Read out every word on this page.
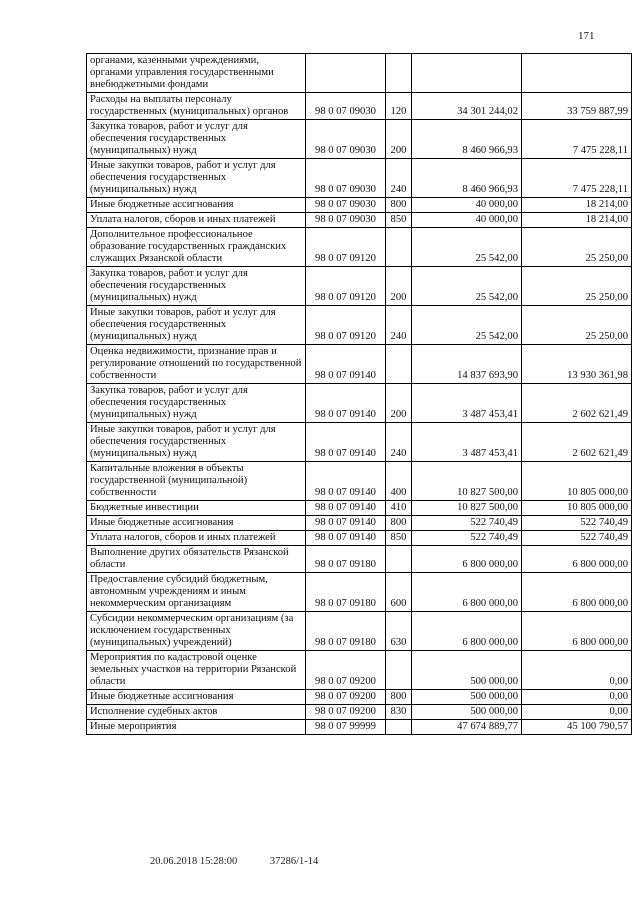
171
органами, казенными учреждениями, органами управления государственными внебюджетными фондами				
Расходы на выплаты персоналу государственных (муниципальных) органов	98 0 07 09030	120	34 301 244,02	33 759 887,99
Закупка товаров, работ и услуг для обеспечения государственных (муниципальных) нужд	98 0 07 09030	200	8 460 966,93	7 475 228,11
Иные закупки товаров, работ и услуг для обеспечения государственных (муниципальных) нужд	98 0 07 09030	240	8 460 966,93	7 475 228,11
Иные бюджетные ассигнования	98 0 07 09030	800	40 000,00	18 214,00
Уплата налогов, сборов и иных платежей	98 0 07 09030	850	40 000,00	18 214,00
Дополнительное профессиональное образование государственных гражданских служащих Рязанской области	98 0 07 09120		25 542,00	25 250,00
Закупка товаров, работ и услуг для обеспечения государственных (муниципальных) нужд	98 0 07 09120	200	25 542,00	25 250,00
Иные закупки товаров, работ и услуг для обеспечения государственных (муниципальных) нужд	98 0 07 09120	240	25 542,00	25 250,00
Оценка недвижимости, признание прав и регулирование отношений по государственной собственности	98 0 07 09140		14 837 693,90	13 930 361,98
Закупка товаров, работ и услуг для обеспечения государственных (муниципальных) нужд	98 0 07 09140	200	3 487 453,41	2 602 621,49
Иные закупки товаров, работ и услуг для обеспечения государственных (муниципальных) нужд	98 0 07 09140	240	3 487 453,41	2 602 621,49
Капитальные вложения в объекты государственной (муниципальной) собственности	98 0 07 09140	400	10 827 500,00	10 805 000,00
Бюджетные инвестиции	98 0 07 09140	410	10 827 500,00	10 805 000,00
Иные бюджетные ассигнования	98 0 07 09140	800	522 740,49	522 740,49
Уплата налогов, сборов и иных платежей	98 0 07 09140	850	522 740,49	522 740,49
Выполнение других обязательств Рязанской области	98 0 07 09180		6 800 000,00	6 800 000,00
Предоставление субсидий бюджетным, автономным учреждениям и иным некоммерческим организациям	98 0 07 09180	600	6 800 000,00	6 800 000,00
Субсидии некоммерческим организациям (за исключением государственных (муниципальных) учреждений)	98 0 07 09180	630	6 800 000,00	6 800 000,00
Мероприятия по кадастровой оценке земельных участков на территории Рязанской области	98 0 07 09200		500 000,00	0,00
Иные бюджетные ассигнования	98 0 07 09200	800	500 000,00	0,00
Исполнение судебных актов	98 0 07 09200	830	500 000,00	0,00
Иные мероприятия	98 0 07 99999		47 674 889,77	45 100 790,57
20.06.2018 15:28:00	37286/1-14
